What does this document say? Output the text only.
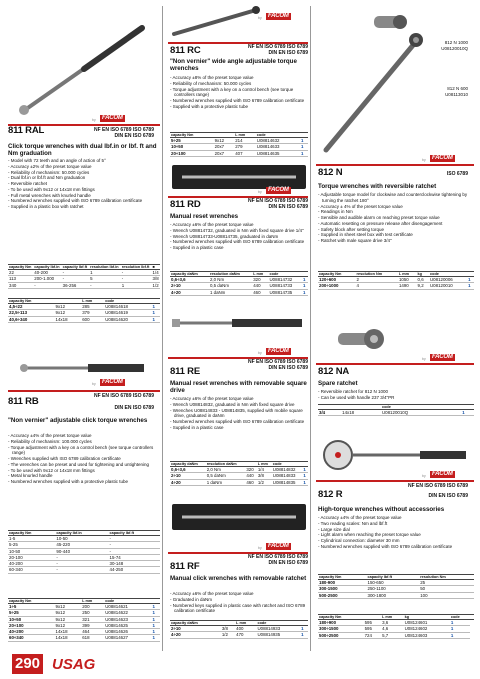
by	FACOM
811 RAL	NF EN ISO 6789 ISO 6789
DIN EN ISO 6789
Click torque wrenches with dual lbf.in or lbf. ft and Nm graduation
- Model with 72 teeth and an angle of action of 5°
- Accuracy ±2% of the preset torque value
- Reliability of mechanism: 50.000 cycles
- Dual lbf.in or lbf.ft and Nm graduation
- Reversible ratchet
- To be used with 9x12 or 14x18 mm fittings
- Full metal wrenches with knurled handle
- Numbered wrenches supplied with ISO 6789 calibration certificate
- Supplied in a plastic box with ratchet
capacity Nm	capacity lbf.in	capacity lbf.ft	resolution lbf.in	resolution lbf.ft	■
22	40-200	-	1	-	1/4
113	200-1.000	-	5	-	3/8
340	-	36-256	-	1	1/2
capacity Nm		L mm	code	
4,5÷22	9x12	285	U08814618	1
22,5÷113	9x12	379	U08814619	1
40,6÷340	14x18	600	U08814620	1
by	FACOM
NF EN ISO 6789 ISO 6789
811 RB
DIN EN ISO 6789
"Non vernier" adjustable click torque wrenches
- Accuracy ±4% of the preset torque value
- Reliability of mechanism: 100.000 cycles
- Torque adjustment with a key on a control bench (see torque controllers range)
- Wrenches supplied with ISO 6789 calibration certificate
- The wrenches can be preset and used for tightening and untightening
- To be used with 9x12 or 14x18 mm fittings
- Metal knurled handle
- Numbered wrenches supplied with a protective plastic tube
capacity Nm	capacity lbf.in	capacity lbf.ft
1-5	10-50	-
5-25	45-220	-
10-50	90-440	-
20-100	-	15-74
40-200	-	30-148
60-340	-	44-250
capacity Nm		L mm	code	
1÷5	9x12	200	U08814621	1
5÷25	9x12	250	U08814622	1
10÷50	9x12	321	U08814623	1
20÷100	9x12	399	U08814625	1
40÷200	14x18	464	U08814626	1
60÷340	14x18	618	U08814627	1
by	FACOM
811 RC	NF EN ISO 6789 ISO 6789
DIN EN ISO 6789
"Non vernier" wide angle adjustable torque wrenches
- Accuracy ±8% of the preset torque value
- Reliability of mechanism: 50.000 cycles
- Torque adjustment with a key on a control bench (see torque controllers range)
- Numbered wrenches supplied with ISO 6789 calibration certificate
- Supplied with a protective plastic tube
capacity Nm		L mm	code	
5÷25	9x12	214	U08814632	1
10÷50	20x7	279	U08814633	1
20÷100	20x7	407	U08814635	1
by	FACOM
811 RD	NF EN ISO 6789 ISO 6789
DIN EN ISO 6789
Manual reset wrenches
- Accuracy ±6% of the preset torque value
- Wrench U08814732, graduated in Nm with fixed square drive 1/4"
- Wrench U08814733-U08814735, graduated in daNm
- Numbered wrenches supplied with ISO 6789 calibration certificate
- Supplied in a plastic case
capacity daNm	resolution daNm	L mm	code	
0,6÷3,6	2,0 Nm	320	U08814732	1
2÷10	0,5 daNm	440	U08814733	1
4÷20	1 daNm	460	U08814735	1
by	FACOM
811 RE
NF EN ISO 6789 ISO 6789
DIN EN ISO 6789
Manual reset wrenches with removable square drive
- Accuracy ±6% of the preset torque value
- Wrench U08814832, graduated in Nm with fixed square drive
- Wrenches U08814833 - U08814835, supplied with mobile square drive, graduated in daNm
- Numbered wrenches supplied with ISO 6789 calibration certificate
- Supplied in a plastic case
capacity daNm	resolution daNm		L mm	code	
0,6÷3,6	2,0 Nm	320	1/4	U08814832	1
2÷10	0,5 daNm	440	3/8	U08814833	1
4÷20	1 daNm	460	1/2	U08814835	1
by	FACOM
811 RF
NF EN ISO 6789 ISO 6789
DIN EN ISO 6789
Manual click wrenches with removable ratchet
- Accuracy ±6% of the preset torque value
- Graduated in daNm
- Numbered keys supplied in plastic case with ratchet and ISO 6789 calibration certificate
capacity daNm		L mm	code	
2÷10	3/8	400	U08814933	1
4÷20	1/2	470	U08814935	1
812 N 1000
U08120010Q
812 N 600
U08113010
by	FACOM
812 N	ISO 6789
Torque wrenches with reversible ratchet
- Adjustable torque model for clockwise and counterclockwise tightening by turning the ratchet 180°
- Accuracy ± 4% of the preset torque value
- Readings in Nm
- Sensible and audible alarm on reaching preset torque value
- Automatic resetting on pressure release after disengagement
- Safety block after setting torque
- Supplied in sheet steel box with test certificate
- Ratchet with male square drive 3/4"
capacity Nm	resolution Nm	L mm	kg	code	
120÷600	2	1050	0,6	U08120006	1
200÷1000	4	1490	9,2	U08120010	1
by	FACOM
812 NA
Spare ratchet
- Reversible ratchet for 812 N 1000
- Can be used with handle 237 3/4"PR
		code	
3/4	14x18	U08120010Q	1
by	FACOM
NF EN ISO 6789 ISO 6789
812 R	DIN EN ISO 6789
High-torque wrenches without accessories
- Accuracy ±4% of the preset torque value
- Two reading scales: Nm and lbf.ft
- Large size dial
- Light alarm when reaching the preset torque value
- Cylindrical connection: diameter 30 mm
- Numbered wrenches supplied with ISO 6789 calibration certificate
capacity Nm	capacity lbf.ft	resolution Nm
180-900	150-650	25
300-1500	250-1100	50
500-2500	300-1800	100
capacity Nm		L mm	kg	code	
180÷900	595	3,6	U08124601	1	
300÷1500	595	4,6	U08124602	1	
500÷2500	724	5,7	U08124603	1	
290 USAG
